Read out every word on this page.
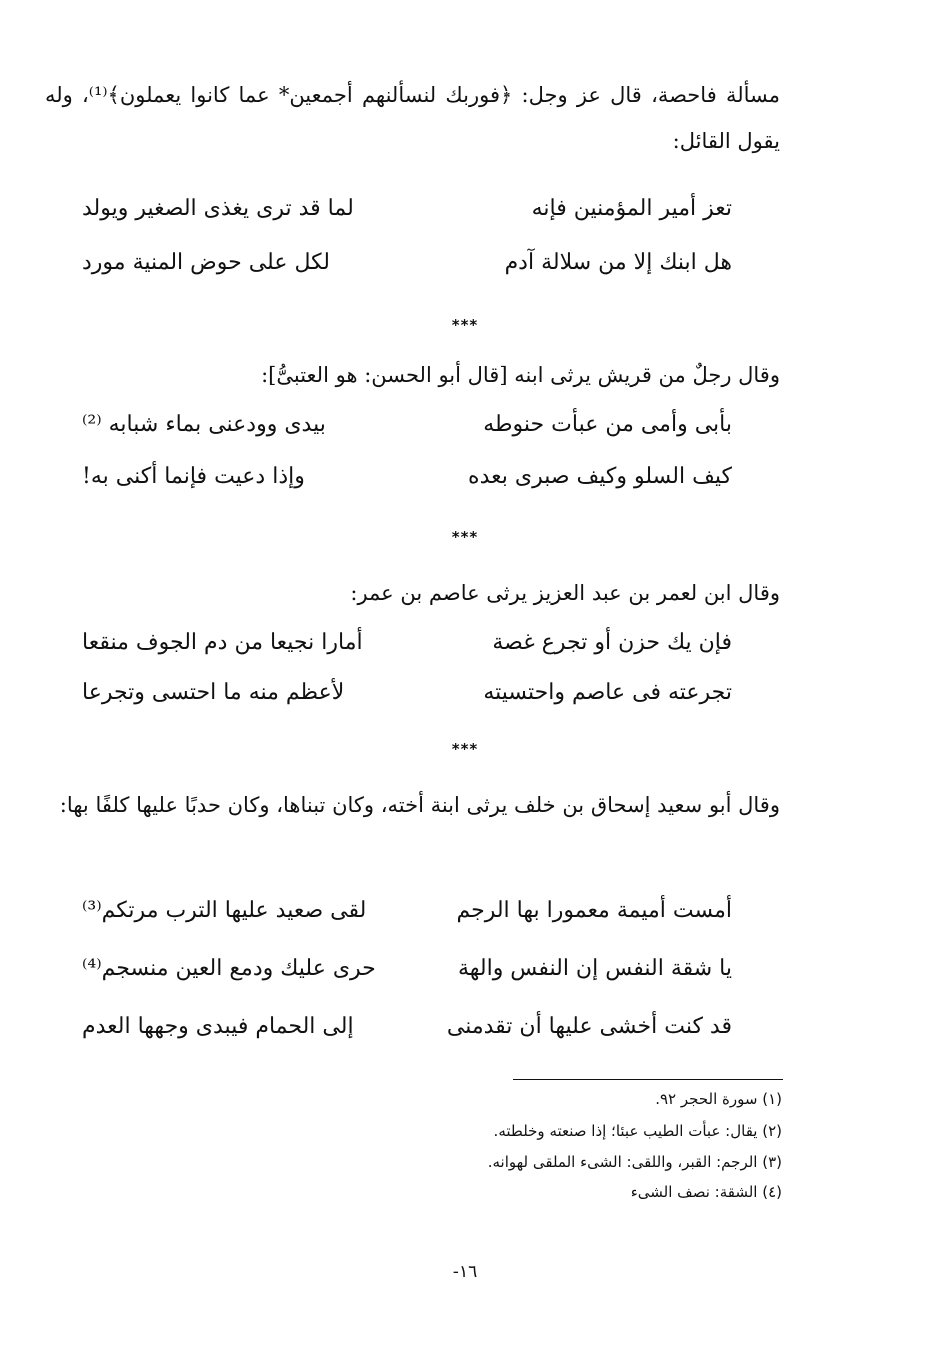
مسألة فاحصة، قال عز وجل: ﴿فوربك لنسألنهم أجمعين* عما كانوا يعملون﴾⁽¹⁾، وله يقول القائل:

تعز أمير المؤمنين فإنه
لما قد ترى يغذى الصغير ويولد
هل ابنك إلا من سلالة آدم
لكل على حوض المنية مورد
***

وقال رجلٌ من قريش يرثى ابنه [قال أبو الحسن: هو العتبىُّ]:

بأبى وأمى من عبأت حنوطه
بيدى وودعنى بماء شبابه ⁽²⁾
كيف السلو وكيف صبرى بعده
وإذا دعيت فإنما أكنى به!
***

وقال ابن لعمر بن عبد العزيز يرثى عاصم بن عمر:

فإن يك حزن أو تجرع غصة
أمارا نجيعا من دم الجوف منقعا
تجرعته فى عاصم واحتسيته
لأعظم منه ما احتسى وتجرعا
***

وقال أبو سعيد إسحاق بن خلف يرثى ابنة أخته، وكان تبناها، وكان حدبًا عليها كلفًا بها:

أمست أميمة معمورا بها الرجم
لقى صعيد عليها الترب مرتكم⁽³⁾
يا شقة النفس إن النفس والهة
حرى عليك ودمع العين منسجم⁽⁴⁾
قد كنت أخشى عليها أن تقدمنى
إلى الحمام فيبدى وجهها العدم
(١) سورة الحجر ٩٢.
(٢) يقال: عبأت الطيب عبئا؛ إذا صنعته وخلطته.
(٣) الرجم: القبر، واللقى: الشىء الملقى لهوانه.
(٤) الشقة: نصف الشىء
-١٦
